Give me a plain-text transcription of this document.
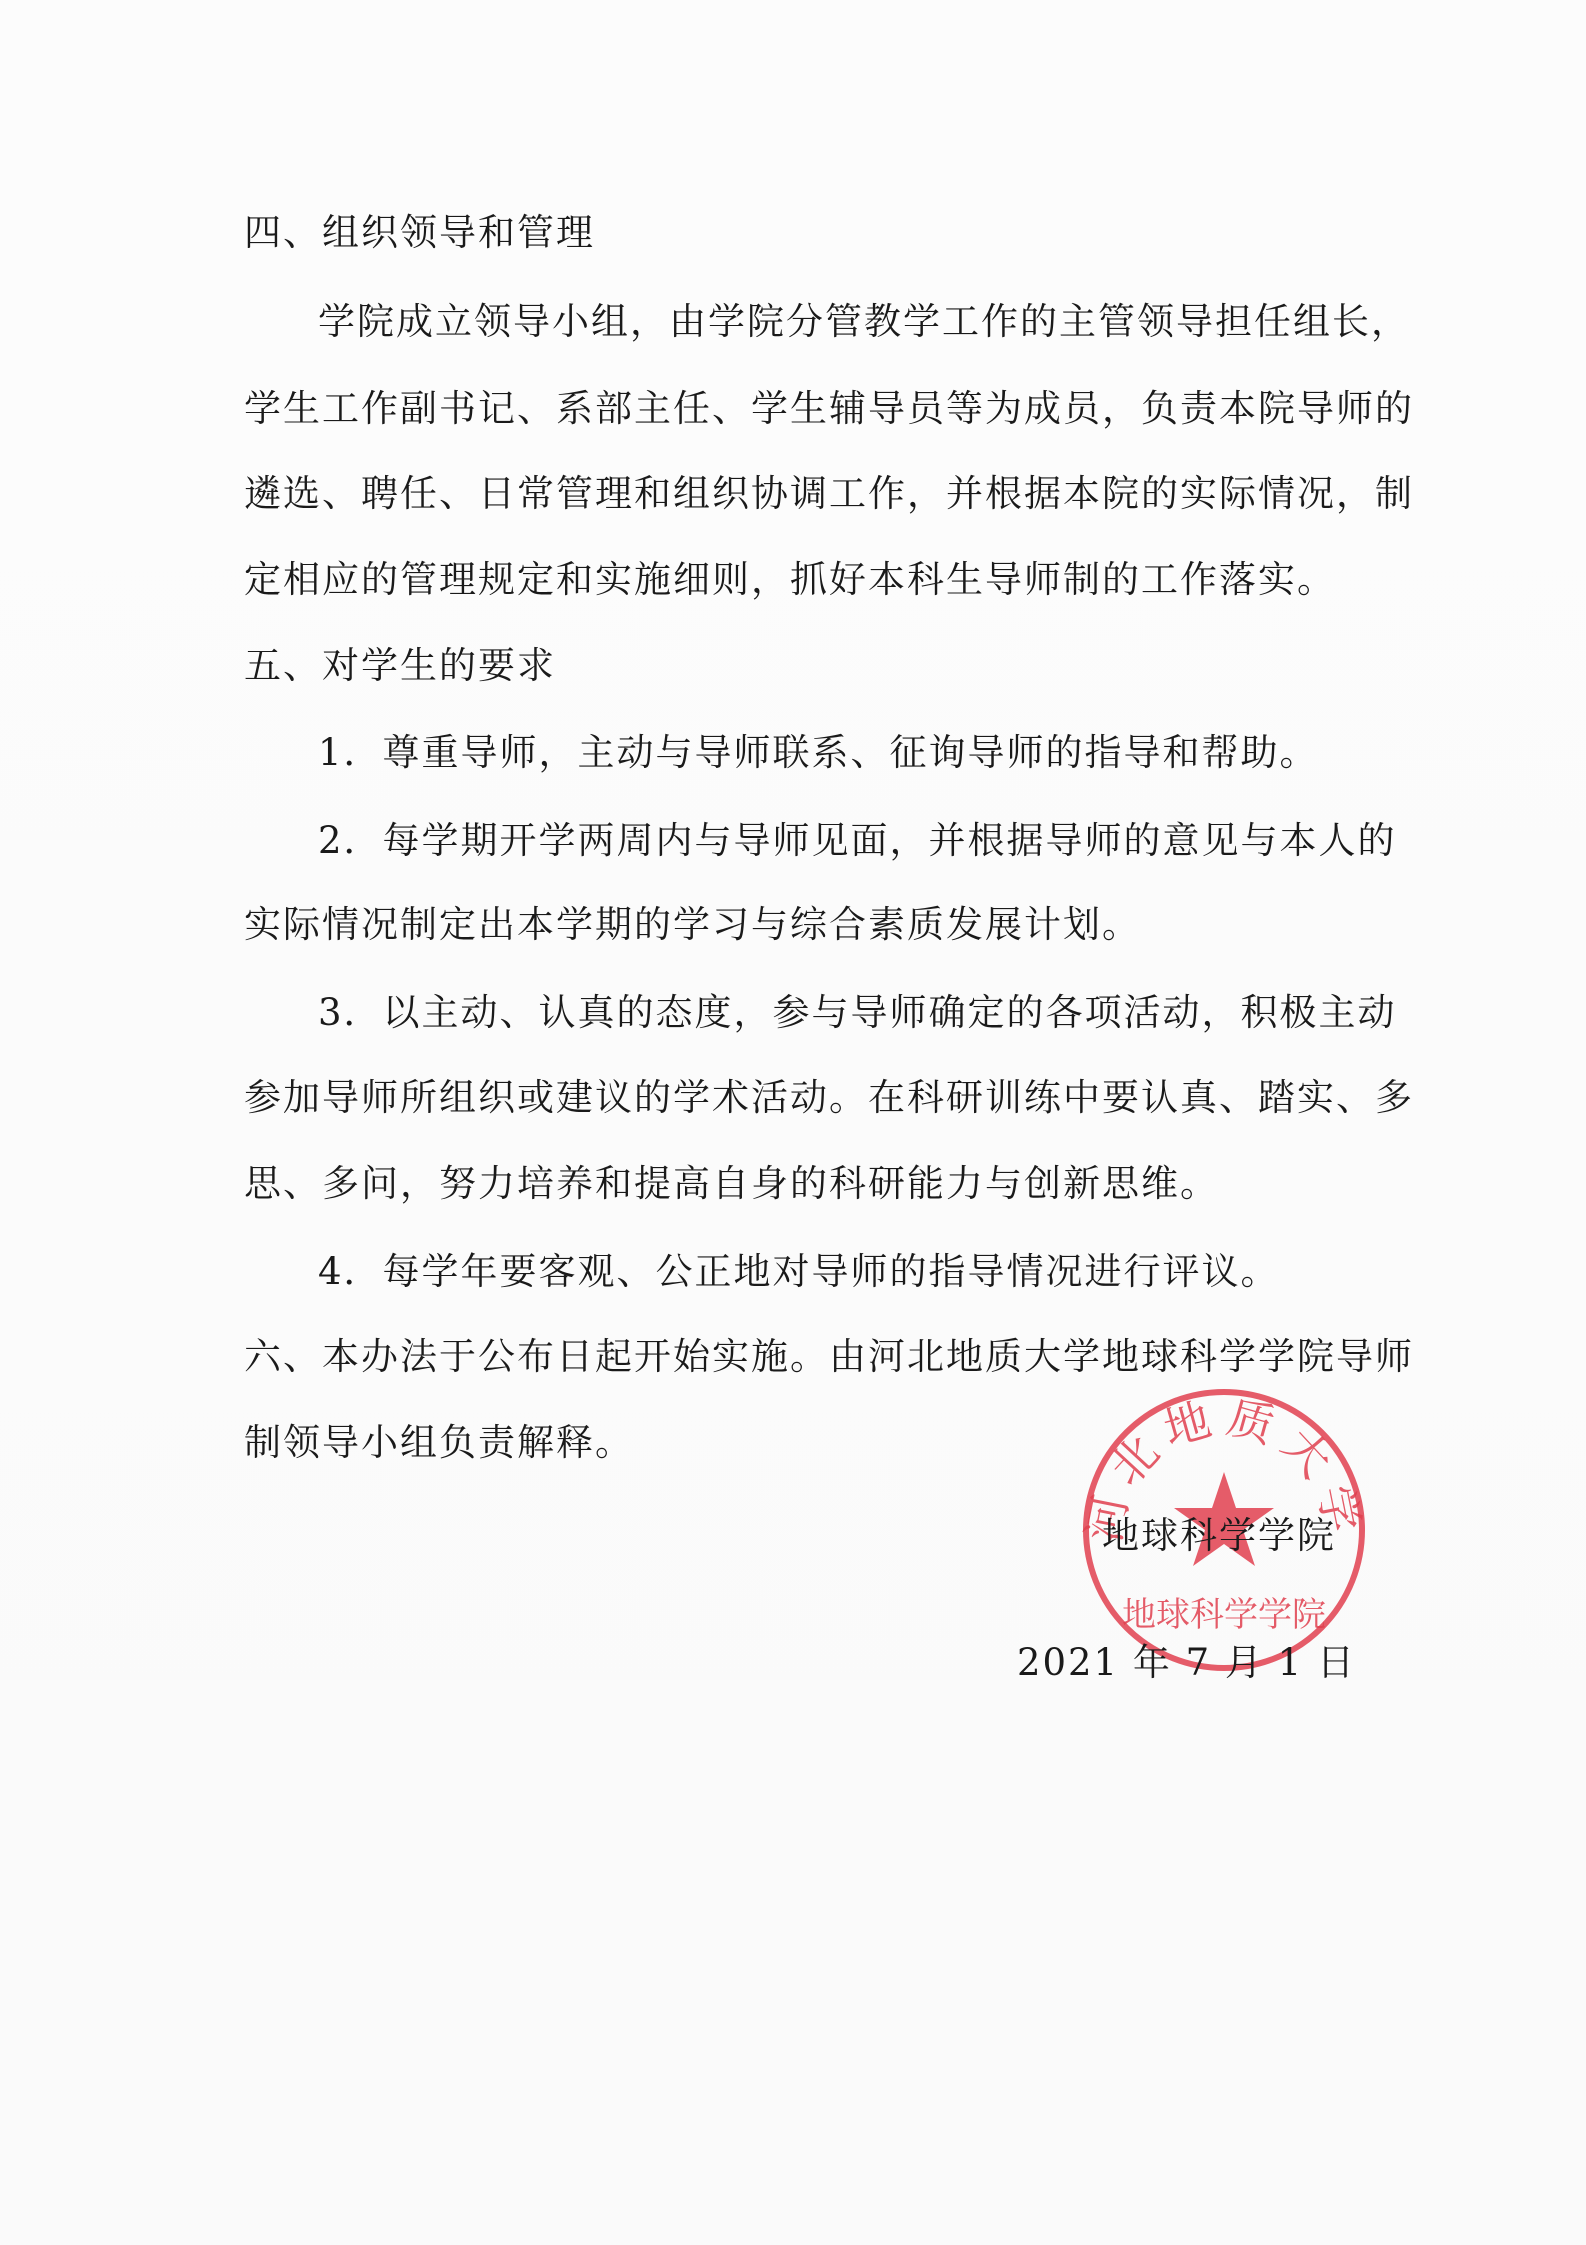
四、组织领导和管理
学院成立领导小组，由学院分管教学工作的主管领导担任组长，
学生工作副书记、系部主任、学生辅导员等为成员，负责本院导师的
遴选、聘任、日常管理和组织协调工作，并根据本院的实际情况，制
定相应的管理规定和实施细则，抓好本科生导师制的工作落实。
五、对学生的要求
1．尊重导师，主动与导师联系、征询导师的指导和帮助。
2．每学期开学两周内与导师见面，并根据导师的意见与本人的
实际情况制定出本学期的学习与综合素质发展计划。
3．以主动、认真的态度，参与导师确定的各项活动，积极主动
参加导师所组织或建议的学术活动。在科研训练中要认真、踏实、多
思、多问，努力培养和提高自身的科研能力与创新思维。
4．每学年要客观、公正地对导师的指导情况进行评议。
六、本办法于公布日起开始实施。由河北地质大学地球科学学院导师
制领导小组负责解释。
河北地质大学
地球科学学院
地球科学学院
2021 年 7 月 1 日
